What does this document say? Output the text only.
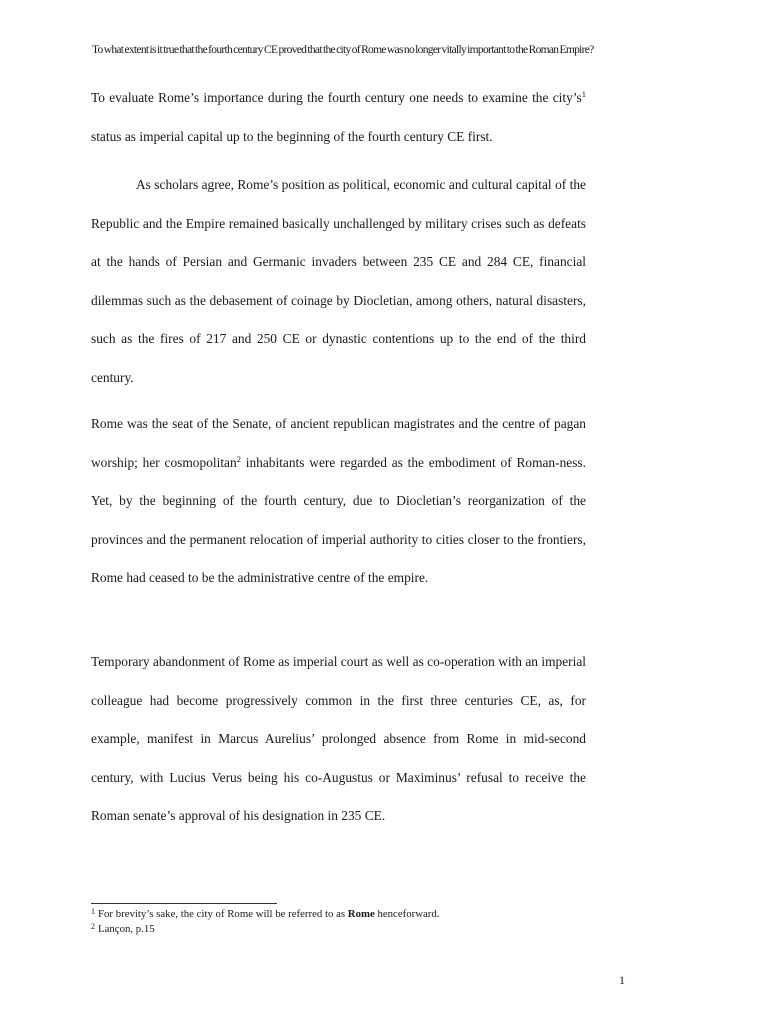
To what extent is it true that the fourth century CE proved that the city of Rome was no longer vitally important to the Roman Empire?
To evaluate Rome’s importance during the fourth century one needs to examine the $city’s^1$ status as imperial capital up to the beginning of the fourth century CE first.
As scholars agree, Rome’s position as political, economic and cultural capital of the Republic and the Empire remained basically unchallenged by military crises such as defeats at the hands of Persian and Germanic invaders between 235 CE and 284 CE, financial dilemmas such as the debasement of coinage by Diocletian, among others, natural disasters, such as the fires of 217 and 250 CE or dynastic contentions up to the end of the third century.
Rome was the seat of the Senate, of ancient republican magistrates and the centre of pagan worship; her cosmopolitan$^2$ inhabitants were regarded as the embodiment of Roman-ness. Yet, by the beginning of the fourth century, due to Diocletian’s reorganization of the provinces and the permanent relocation of imperial authority to cities closer to the frontiers, Rome had ceased to be the administrative centre of the empire.
Temporary abandonment of Rome as imperial court as well as co-operation with an imperial colleague had become progressively common in the first three centuries CE, as, for example, manifest in Marcus Aurelius’ prolonged absence from Rome in mid-second century, with Lucius Verus being his co-Augustus or Maximinus’ refusal to receive the Roman senate’s approval of his designation in 235 CE.
$^1$ For brevity’s sake, the city of Rome will be referred to as Rome henceforward.
$^2$ Lançon, p.15
1
